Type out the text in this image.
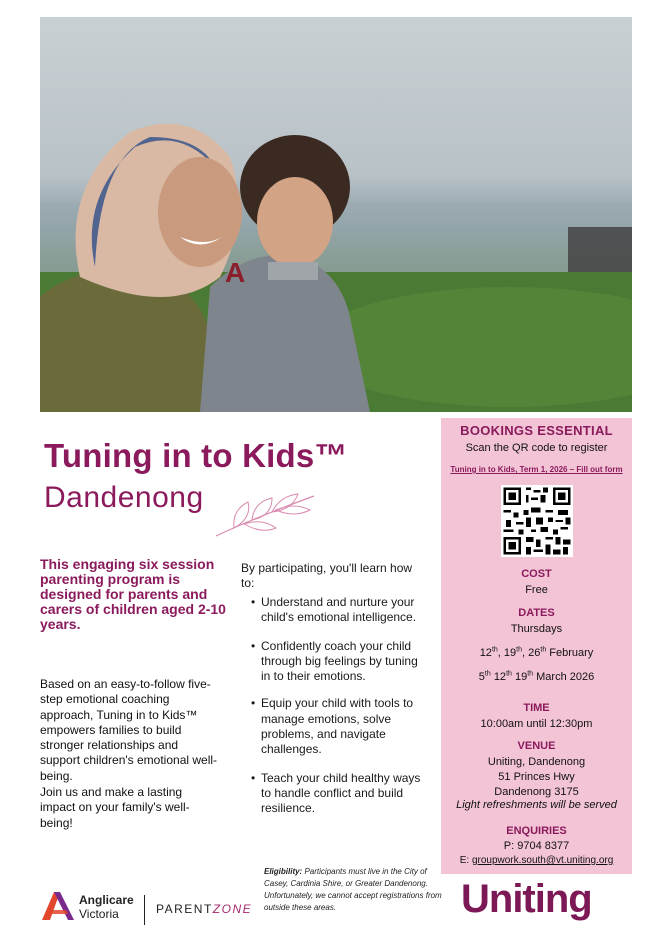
A
Tuning in to Kids™
Dandenong
This engaging six session parenting program is designed for parents and carers of children aged 2-10 years.
Based on an easy-to-follow five-step emotional coaching approach, Tuning in to Kids™ empowers families to build stronger relationships and support children's emotional well-being.
Join us and make a lasting impact on your family's well-being!
By participating, you'll learn how to:
• Understand and nurture your child's emotional intelligence.
• Confidently coach your child through big feelings by tuning in to their emotions.
• Equip your child with tools to manage emotions, solve problems, and navigate challenges.
• Teach your child healthy ways to handle conflict and build resilience.
Eligibility: Participants must live in the City of Casey, Cardinia Shire, or Greater Dandenong. Unfortunately, we cannot accept registrations from outside these areas.
BOOKINGS ESSENTIAL
Scan the QR code to register
Tuning in to Kids, Term 1, 2026 – Fill out form
COST
Free
DATES
Thursdays
12th, 19th, 26th February
5th 12th 19th March 2026
TIME
10:00am until 12:30pm
VENUE
Uniting, Dandenong
51 Princes Hwy
Dandenong 3175
Light refreshments will be served
ENQUIRIES
P: 9704 8377
E: groupwork.south@vt.uniting.org
Anglicare
Victoria	PARENTZONE	Uniting
